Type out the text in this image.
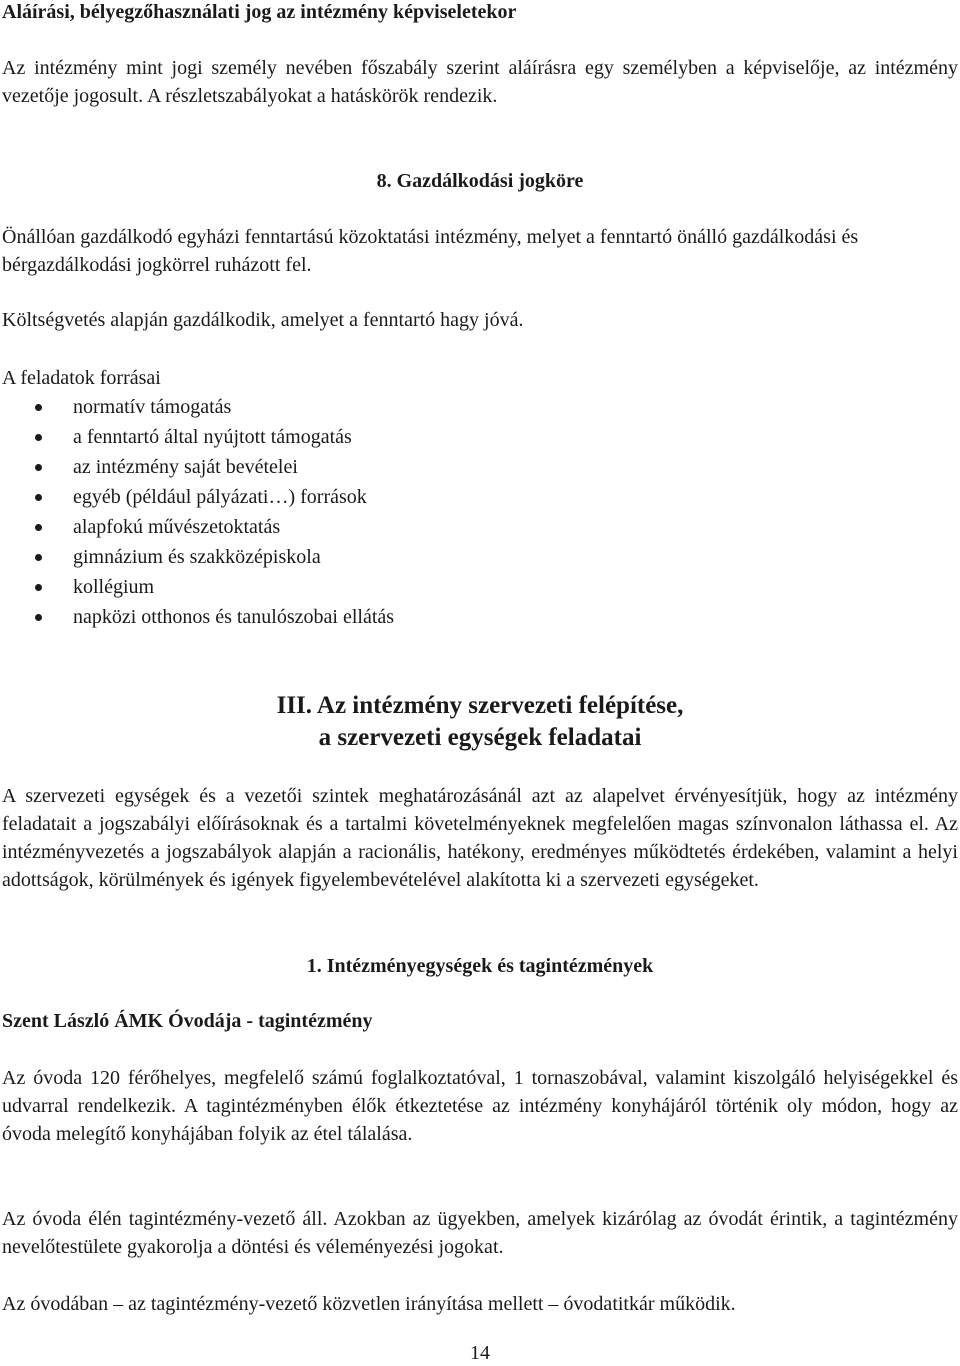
Aláírási, bélyegzőhasználati jog az intézmény képviseletekor

Az intézmény mint jogi személy nevében főszabály szerint aláírásra egy személyben a képviselője, az intézmény vezetője jogosult. A részletszabályokat a hatáskörök rendezik.

8. Gazdálkodási jogköre

Önállóan gazdálkodó egyházi fenntartású közoktatási intézmény, melyet a fenntartó önálló gazdálkodási és bérgazdálkodási jogkörrel ruházott fel.

Költségvetés alapján gazdálkodik, amelyet a fenntartó hagy jóvá.

A feladatok forrásai

normatív támogatás
a fenntartó által nyújtott támogatás
az intézmény saját bevételei
egyéb (például pályázati…) források
alapfokú művészetoktatás
gimnázium és szakközépiskola
kollégium
napközi otthonos és tanulószobai ellátás
III. Az intézmény szervezeti felépítése,
a szervezeti egységek feladatai

A szervezeti egységek és a vezetői szintek meghatározásánál azt az alapelvet érvényesítjük, hogy az intézmény feladatait a jogszabályi előírásoknak és a tartalmi követelményeknek megfelelően magas színvonalon láthassa el. Az intézményvezetés a jogszabályok alapján a racionális, hatékony, eredményes működtetés érdekében, valamint a helyi adottságok, körülmények és igények figyelembevételével alakította ki a szervezeti egységeket.

1. Intézményegységek és tagintézmények

Szent László ÁMK Óvodája - tagintézmény

Az óvoda 120 férőhelyes, megfelelő számú foglalkoztatóval, 1 tornaszobával, valamint kiszolgáló helyiségekkel és udvarral rendelkezik. A tagintézményben élők étkeztetése az intézmény konyhájáról történik oly módon, hogy az óvoda melegítő konyhájában folyik az étel tálalása.

Az óvoda élén tagintézmény-vezető áll. Azokban az ügyekben, amelyek kizárólag az óvodát érintik, a tagintézmény nevelőtestülete gyakorolja a döntési és véleményezési jogokat.

Az óvodában – az tagintézmény-vezető közvetlen irányítása mellett – óvodatitkár működik.

14
